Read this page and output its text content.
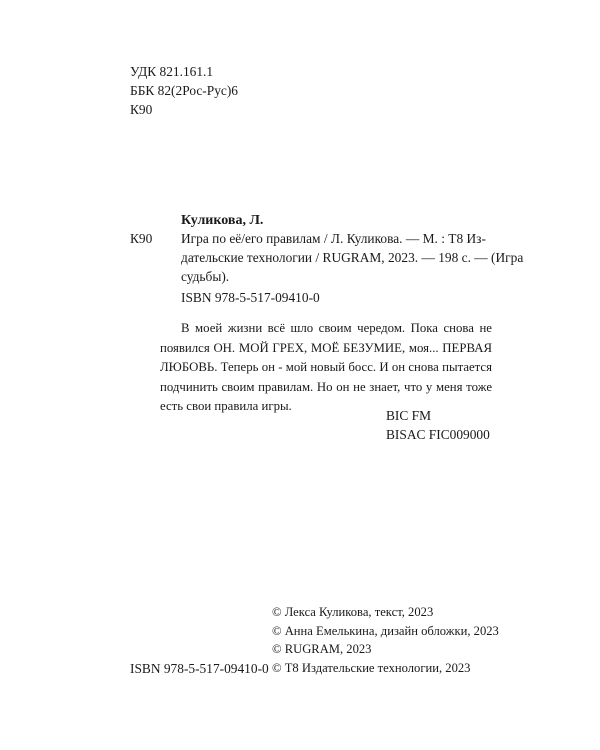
УДК 821.161.1
ББК 82(2Рос-Рус)6
К90
Куликова, Л.
К90 Игра по её/его правилам / Л. Куликова. — М. : Т8 Из-
дательские технологии / RUGRAM, 2023. — 198 с. — (Игра
судьбы).
ISBN 978-5-517-09410-0

В моей жизни всё шло своим чередом. Пока снова не появился ОН. МОЙ ГРЕХ, МОЁ БЕЗУМИЕ, моя... ПЕРВАЯ ЛЮБОВЬ. Теперь он - мой новый босс. И он снова пытается подчинить своим правилам. Но он не знает, что у меня тоже есть свои правила игры.

BIC FM
BISAC FIC009000
ISBN 978-5-517-09410-0
© Лекса Куликова, текст, 2023
© Анна Емелькина, дизайн обложки, 2023
© RUGRAM, 2023
© Т8 Издательские технологии, 2023
